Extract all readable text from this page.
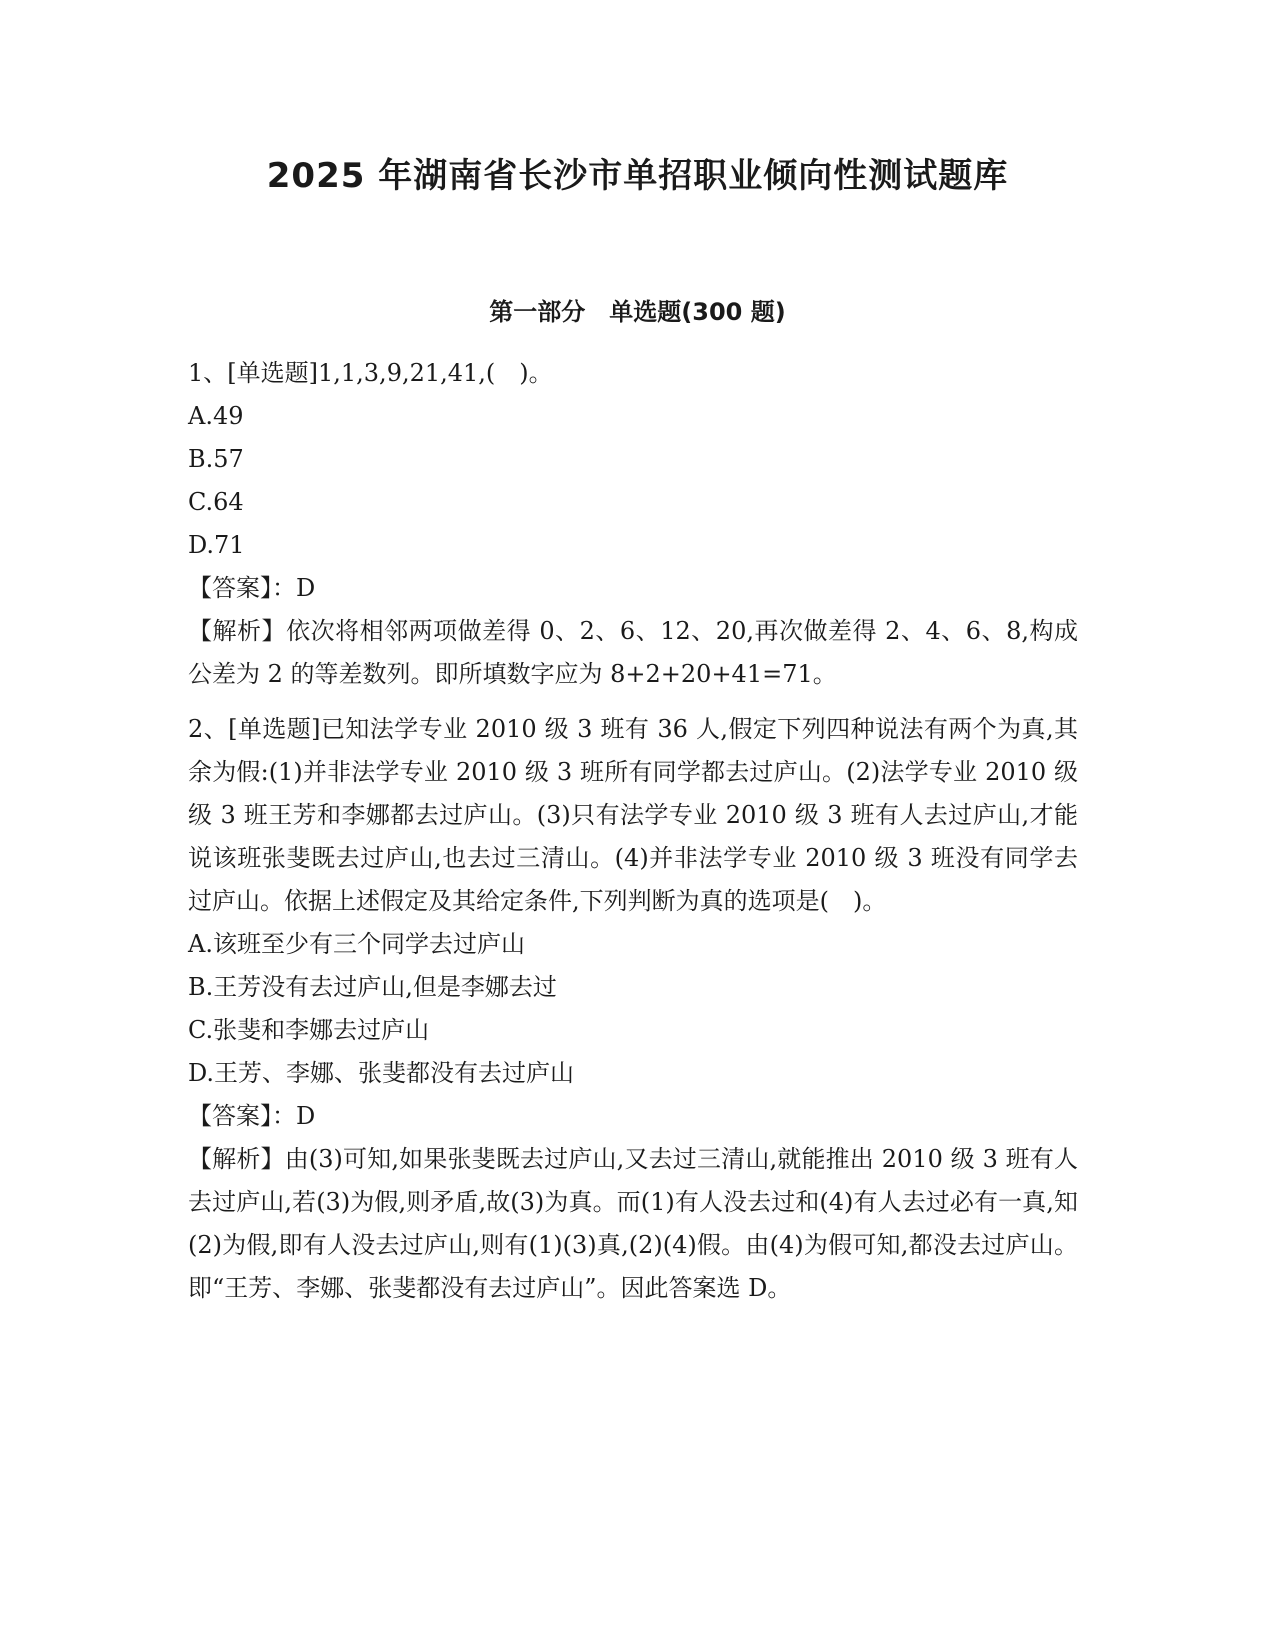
2025 年湖南省长沙市单招职业倾向性测试题库
第一部分　单选题(300 题)

1、[单选题]1,1,3,9,21,41,(　)。

A.49

B.57

C.64

D.71

【答案】：D

【解析】依次将相邻两项做差得 0、2、6、12、20,再次做差得 2、4、6、8,构成公差为 2 的等差数列。即所填数字应为 8+2+20+41=71。

2、[单选题]已知法学专业 2010 级 3 班有 36 人,假定下列四种说法有两个为真,其余为假:(1)并非法学专业 2010 级 3 班所有同学都去过庐山。(2)法学专业 2010 级级 3 班王芳和李娜都去过庐山。(3)只有法学专业 2010 级 3 班有人去过庐山,才能说该班张斐既去过庐山,也去过三清山。(4)并非法学专业 2010 级 3 班没有同学去过庐山。依据上述假定及其给定条件,下列判断为真的选项是(　)。

A.该班至少有三个同学去过庐山

B.王芳没有去过庐山,但是李娜去过

C.张斐和李娜去过庐山

D.王芳、李娜、张斐都没有去过庐山

【答案】：D

【解析】由(3)可知,如果张斐既去过庐山,又去过三清山,就能推出 2010 级 3 班有人去过庐山,若(3)为假,则矛盾,故(3)为真。而(1)有人没去过和(4)有人去过必有一真,知(2)为假,即有人没去过庐山,则有(1)(3)真,(2)(4)假。由(4)为假可知,都没去过庐山。即“王芳、李娜、张斐都没有去过庐山”。因此答案选 D。
